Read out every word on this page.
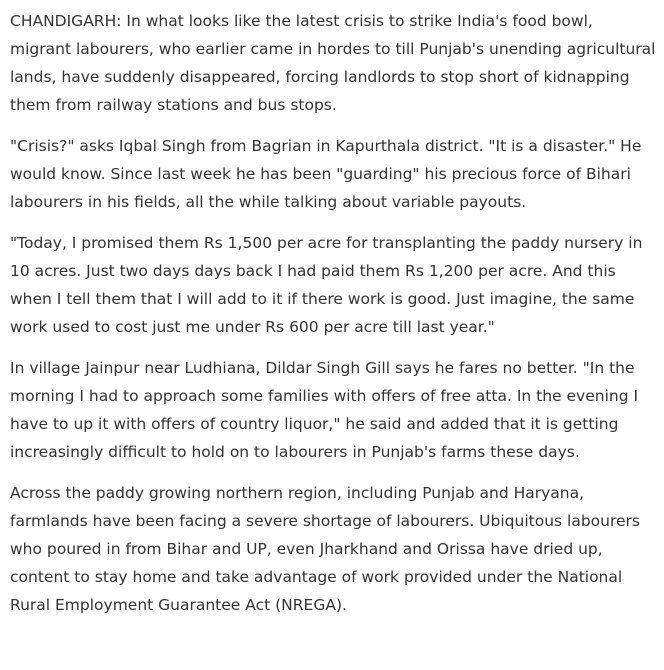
CHANDIGARH: In what looks like the latest crisis to strike India's food bowl, migrant labourers, who earlier came in hordes to till Punjab's unending agricultural lands, have suddenly disappeared, forcing landlords to stop short of kidnapping them from railway stations and bus stops.

"Crisis?" asks Iqbal Singh from Bagrian in Kapurthala district. "It is a disaster." He would know. Since last week he has been "guarding" his precious force of Bihari labourers in his fields, all the while talking about variable payouts.

"Today, I promised them Rs 1,500 per acre for transplanting the paddy nursery in 10 acres. Just two days days back I had paid them Rs 1,200 per acre. And this when I tell them that I will add to it if there work is good. Just imagine, the same work used to cost just me under Rs 600 per acre till last year."

In village Jainpur near Ludhiana, Dildar Singh Gill says he fares no better. "In the morning I had to approach some families with offers of free atta. In the evening I have to up it with offers of country liquor," he said and added that it is getting increasingly difficult to hold on to labourers in Punjab's farms these days.

Across the paddy growing northern region, including Punjab and Haryana, farmlands have been facing a severe shortage of labourers. Ubiquitous labourers who poured in from Bihar and UP, even Jharkhand and Orissa have dried up, content to stay home and take advantage of work provided under the National Rural Employment Guarantee Act (NREGA).
